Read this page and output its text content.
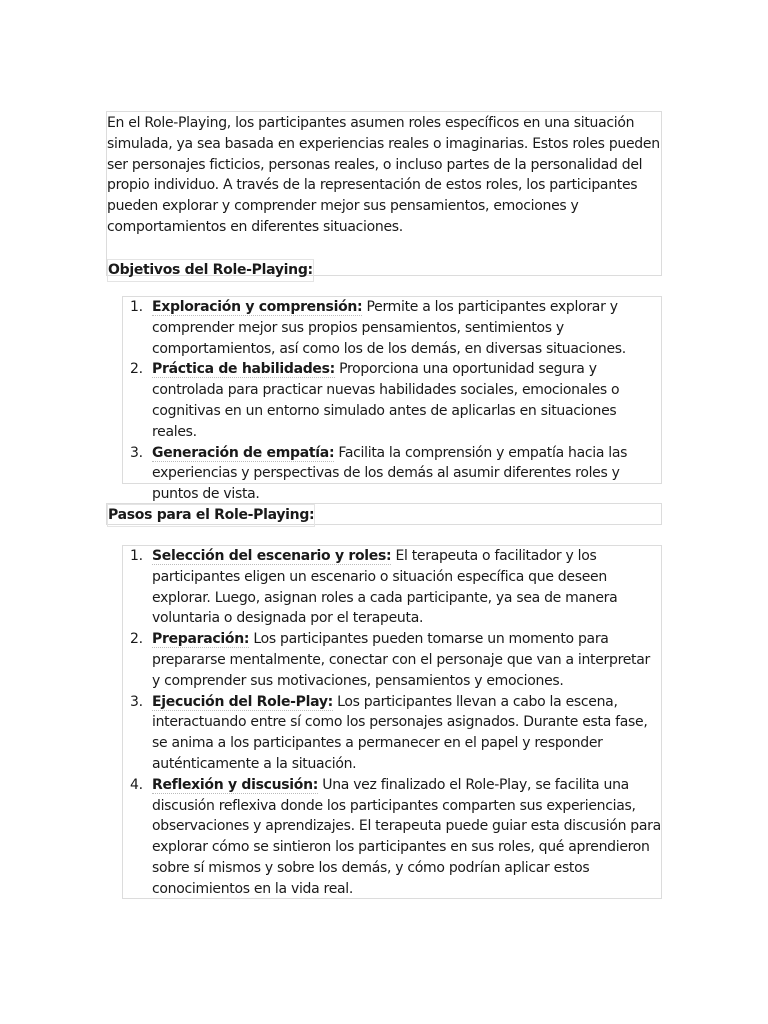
En el Role-Playing, los participantes asumen roles específicos en una situación simulada, ya sea basada en experiencias reales o imaginarias. Estos roles pueden ser personajes ficticios, personas reales, o incluso partes de la personalidad del propio individuo. A través de la representación de estos roles, los participantes pueden explorar y comprender mejor sus pensamientos, emociones y comportamientos en diferentes situaciones.

Objetivos del Role-Playing:
1. Exploración y comprensión: Permite a los participantes explorar y comprender mejor sus propios pensamientos, sentimientos y comportamientos, así como los de los demás, en diversas situaciones.
2. Práctica de habilidades: Proporciona una oportunidad segura y controlada para practicar nuevas habilidades sociales, emocionales o cognitivas en un entorno simulado antes de aplicarlas en situaciones reales.
3. Generación de empatía: Facilita la comprensión y empatía hacia las experiencias y perspectivas de los demás al asumir diferentes roles y puntos de vista.
Pasos para el Role-Playing:
1. Selección del escenario y roles: El terapeuta o facilitador y los participantes eligen un escenario o situación específica que deseen explorar. Luego, asignan roles a cada participante, ya sea de manera voluntaria o designada por el terapeuta.
2. Preparación: Los participantes pueden tomarse un momento para prepararse mentalmente, conectar con el personaje que van a interpretar y comprender sus motivaciones, pensamientos y emociones.
3. Ejecución del Role-Play: Los participantes llevan a cabo la escena, interactuando entre sí como los personajes asignados. Durante esta fase, se anima a los participantes a permanecer en el papel y responder auténticamente a la situación.
4. Reflexión y discusión: Una vez finalizado el Role-Play, se facilita una discusión reflexiva donde los participantes comparten sus experiencias, observaciones y aprendizajes. El terapeuta puede guiar esta discusión para explorar cómo se sintieron los participantes en sus roles, qué aprendieron sobre sí mismos y sobre los demás, y cómo podrían aplicar estos conocimientos en la vida real.
